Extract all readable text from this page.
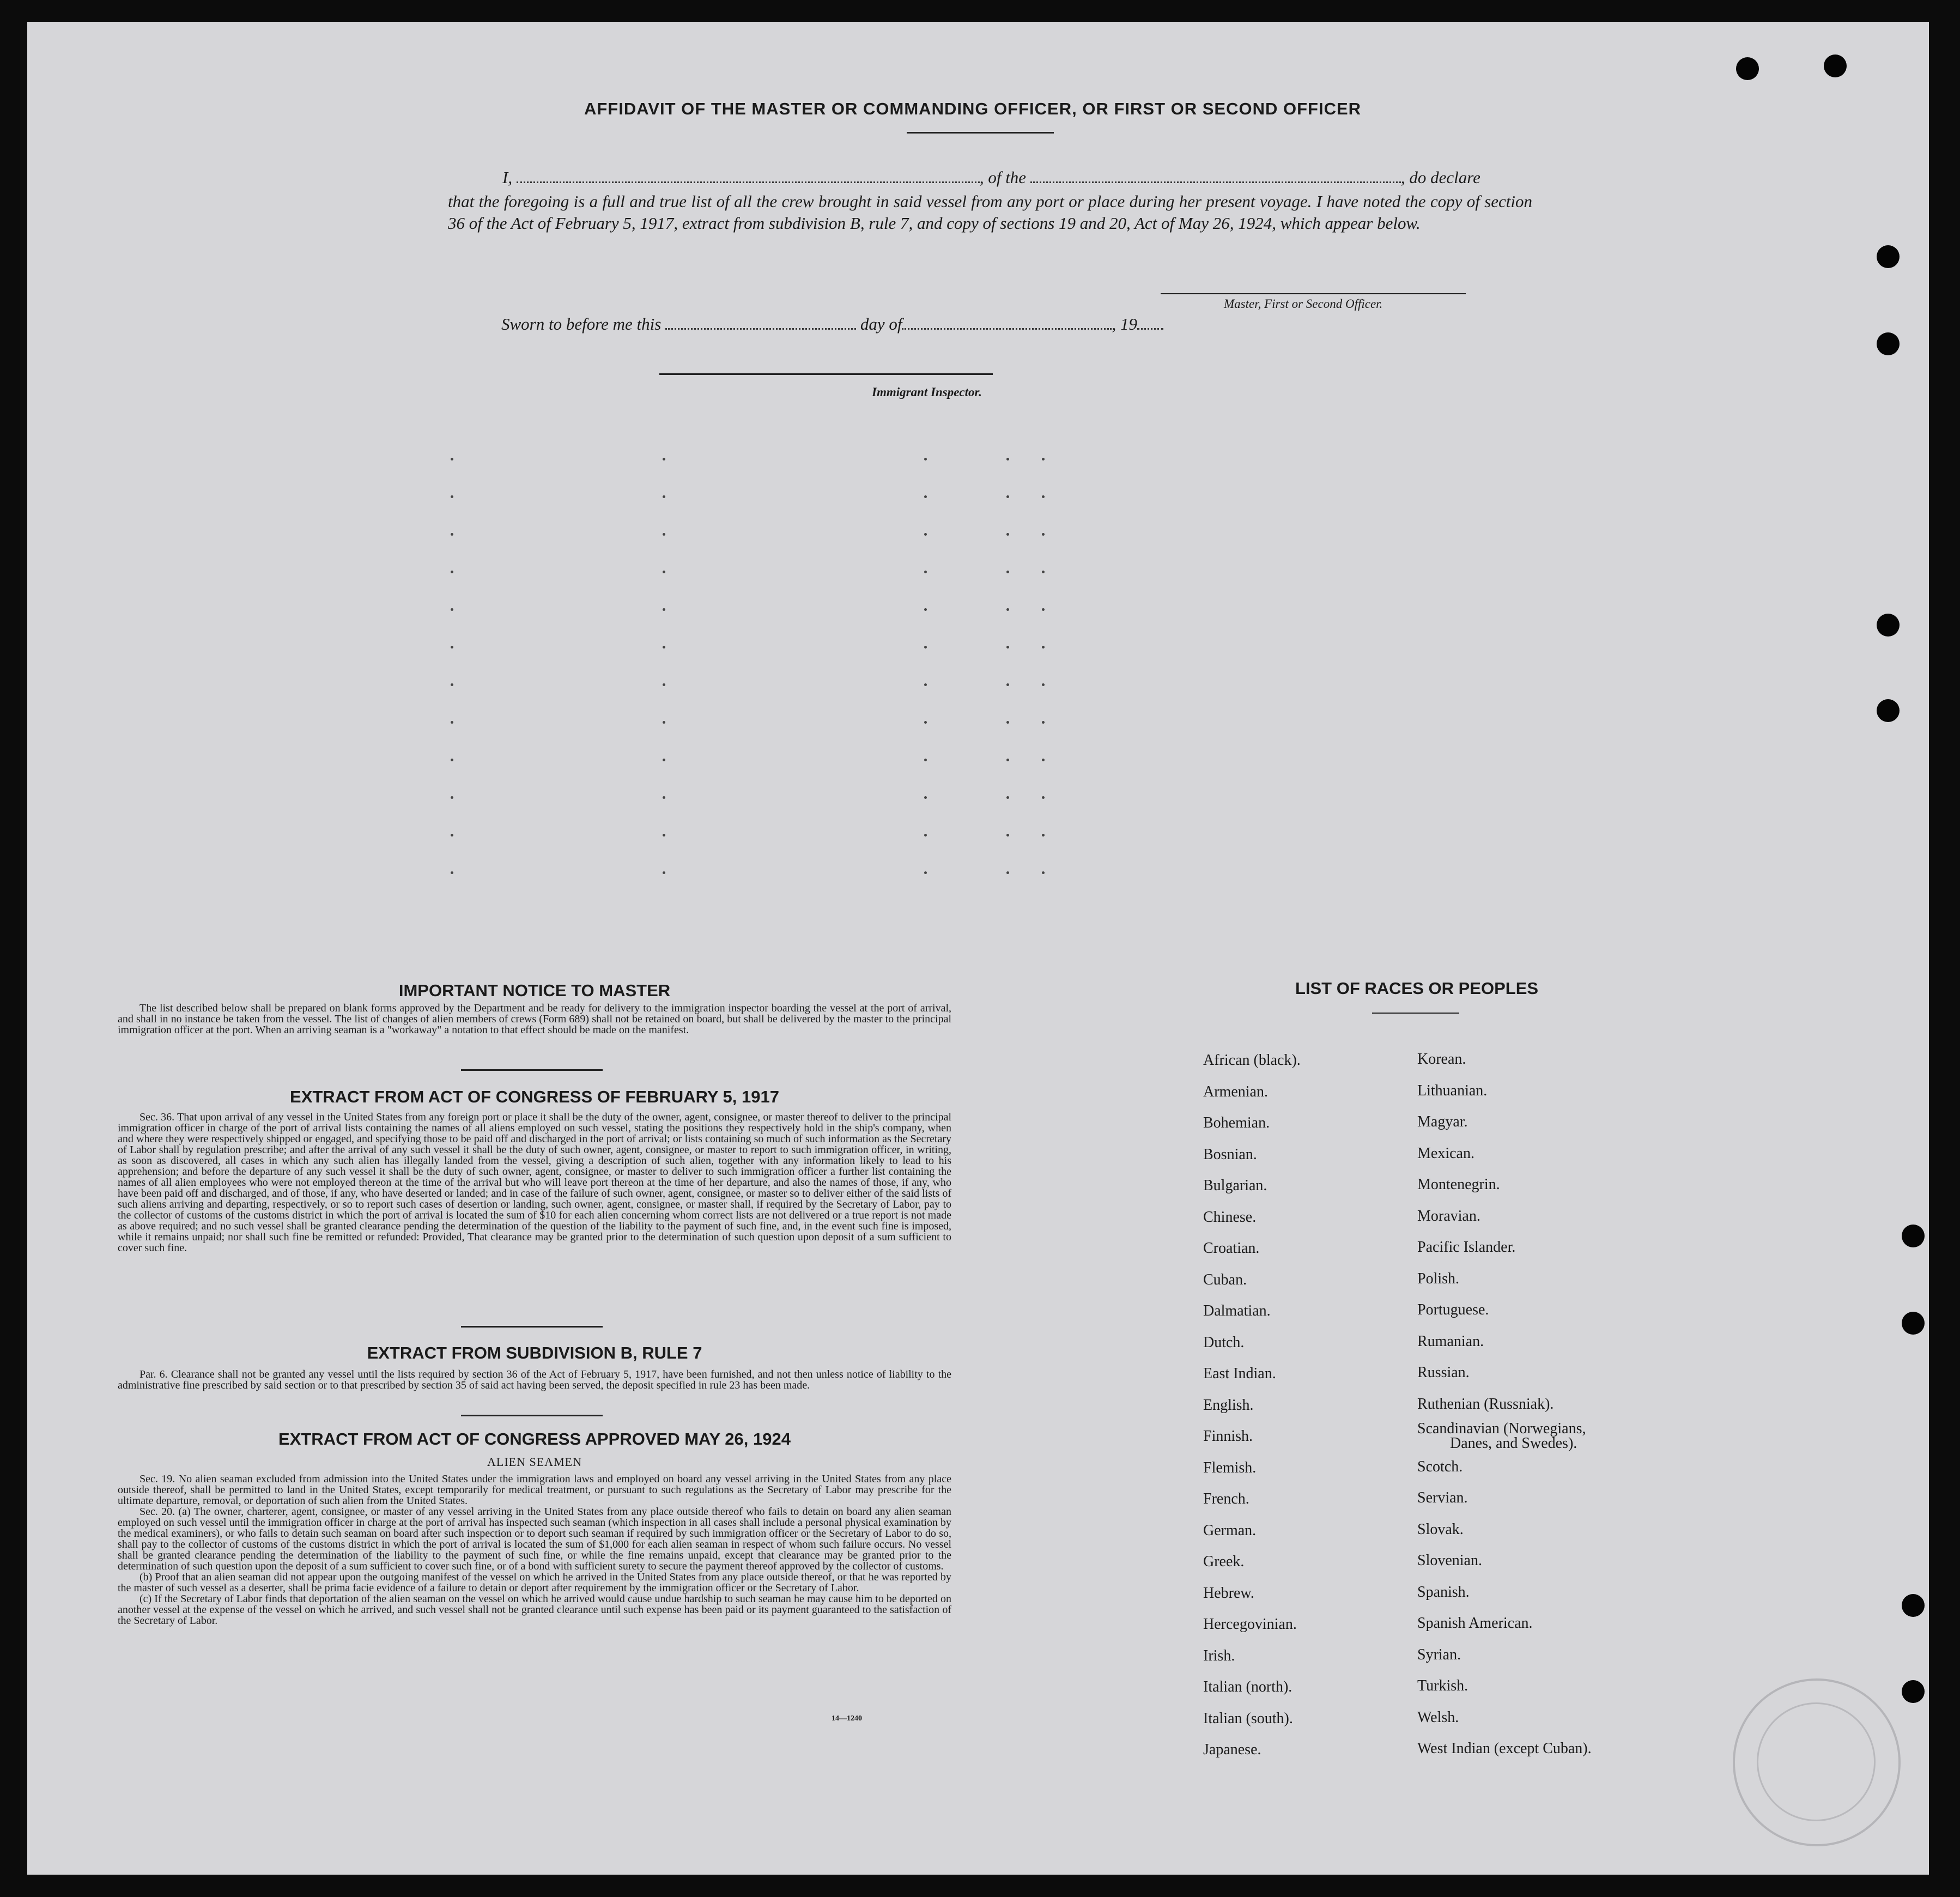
AFFIDAVIT OF THE MASTER OR COMMANDING OFFICER, OR FIRST OR SECOND OFFICER
I,	, of the	, do declare
that the foregoing is a full and true list of all the crew brought in said vessel from any port or place during her present voyage. I have noted the copy of section 36 of the Act of February 5, 1917, extract from subdivision B, rule 7, and copy of sections 19 and 20, Act of May 26, 1924, which appear below.
Master, First or Second Officer.
Sworn to before me this	day of	, 19
Immigrant Inspector.
IMPORTANT NOTICE TO MASTER

The list described below shall be prepared on blank forms approved by the Department and be ready for delivery to the immigration inspector boarding the vessel at the port of arrival, and shall in no instance be taken from the vessel. The list of changes of alien members of crews (Form 689) shall not be retained on board, but shall be delivered by the master to the principal immigration officer at the port. When an arriving seaman is a "workaway" a notation to that effect should be made on the manifest.

EXTRACT FROM ACT OF CONGRESS OF FEBRUARY 5, 1917

Sec. 36. That upon arrival of any vessel in the United States from any foreign port or place it shall be the duty of the owner, agent, consignee, or master thereof to deliver to the principal immigration officer in charge of the port of arrival lists containing the names of all aliens employed on such vessel, stating the positions they respectively hold in the ship's company, when and where they were respectively shipped or engaged, and specifying those to be paid off and discharged in the port of arrival; or lists containing so much of such information as the Secretary of Labor shall by regulation prescribe; and after the arrival of any such vessel it shall be the duty of such owner, agent, consignee, or master to report to such immigration officer, in writing, as soon as discovered, all cases in which any such alien has illegally landed from the vessel, giving a description of such alien, together with any information likely to lead to his apprehension; and before the departure of any such vessel it shall be the duty of such owner, agent, consignee, or master to deliver to such immigration officer a further list containing the names of all alien employees who were not employed thereon at the time of the arrival but who will leave port thereon at the time of her departure, and also the names of those, if any, who have been paid off and discharged, and of those, if any, who have deserted or landed; and in case of the failure of such owner, agent, consignee, or master so to deliver either of the said lists of such aliens arriving and departing, respectively, or so to report such cases of desertion or landing, such owner, agent, consignee, or master shall, if required by the Secretary of Labor, pay to the collector of customs of the customs district in which the port of arrival is located the sum of $10 for each alien concerning whom correct lists are not delivered or a true report is not made as above required; and no such vessel shall be granted clearance pending the determination of the question of the liability to the payment of such fine, and, in the event such fine is imposed, while it remains unpaid; nor shall such fine be remitted or refunded: Provided, That clearance may be granted prior to the determination of such question upon deposit of a sum sufficient to cover such fine.

EXTRACT FROM SUBDIVISION B, RULE 7

Par. 6. Clearance shall not be granted any vessel until the lists required by section 36 of the Act of February 5, 1917, have been furnished, and not then unless notice of liability to the administrative fine prescribed by said section or to that prescribed by section 35 of said act having been served, the deposit specified in rule 23 has been made.

EXTRACT FROM ACT OF CONGRESS APPROVED MAY 26, 1924
ALIEN SEAMEN

Sec. 19. No alien seaman excluded from admission into the United States under the immigration laws and employed on board any vessel arriving in the United States from any place outside thereof, shall be permitted to land in the United States, except temporarily for medical treatment, or pursuant to such regulations as the Secretary of Labor may prescribe for the ultimate departure, removal, or deportation of such alien from the United States.

Sec. 20. (a) The owner, charterer, agent, consignee, or master of any vessel arriving in the United States from any place outside thereof who fails to detain on board any alien seaman employed on such vessel until the immigration officer in charge at the port of arrival has inspected such seaman (which inspection in all cases shall include a personal physical examination by the medical examiners), or who fails to detain such seaman on board after such inspection or to deport such seaman if required by such immigration officer or the Secretary of Labor to do so, shall pay to the collector of customs of the customs district in which the port of arrival is located the sum of $1,000 for each alien seaman in respect of whom such failure occurs. No vessel shall be granted clearance pending the determination of the liability to the payment of such fine, or while the fine remains unpaid, except that clearance may be granted prior to the determination of such question upon the deposit of a sum sufficient to cover such fine, or of a bond with sufficient surety to secure the payment thereof approved by the collector of customs.

(b) Proof that an alien seaman did not appear upon the outgoing manifest of the vessel on which he arrived in the United States from any place outside thereof, or that he was reported by the master of such vessel as a deserter, shall be prima facie evidence of a failure to detain or deport after requirement by the immigration officer or the Secretary of Labor.

(c) If the Secretary of Labor finds that deportation of the alien seaman on the vessel on which he arrived would cause undue hardship to such seaman he may cause him to be deported on another vessel at the expense of the vessel on which he arrived, and such vessel shall not be granted clearance until such expense has been paid or its payment guaranteed to the satisfaction of the Secretary of Labor.

14—1240
LIST OF RACES OR PEOPLES
African (black).	Korean.
Armenian.	Lithuanian.
Bohemian.	Magyar.
Bosnian.	Mexican.
Bulgarian.	Montenegrin.
Chinese.	Moravian.
Croatian.	Pacific Islander.
Cuban.	Polish.
Dalmatian.	Portuguese.
Dutch.	Rumanian.
East Indian.	Russian.
English.	Ruthenian (Russniak).
Finnish.	Scandinavian (Norwegians,
Danes, and Swedes).
Flemish.	Scotch.
French.	Servian.
German.	Slovak.
Greek.	Slovenian.
Hebrew.	Spanish.
Hercegovinian.	Spanish American.
Irish.	Syrian.
Italian (north).	Turkish.
Italian (south).	Welsh.
Japanese.	West Indian (except Cuban).
